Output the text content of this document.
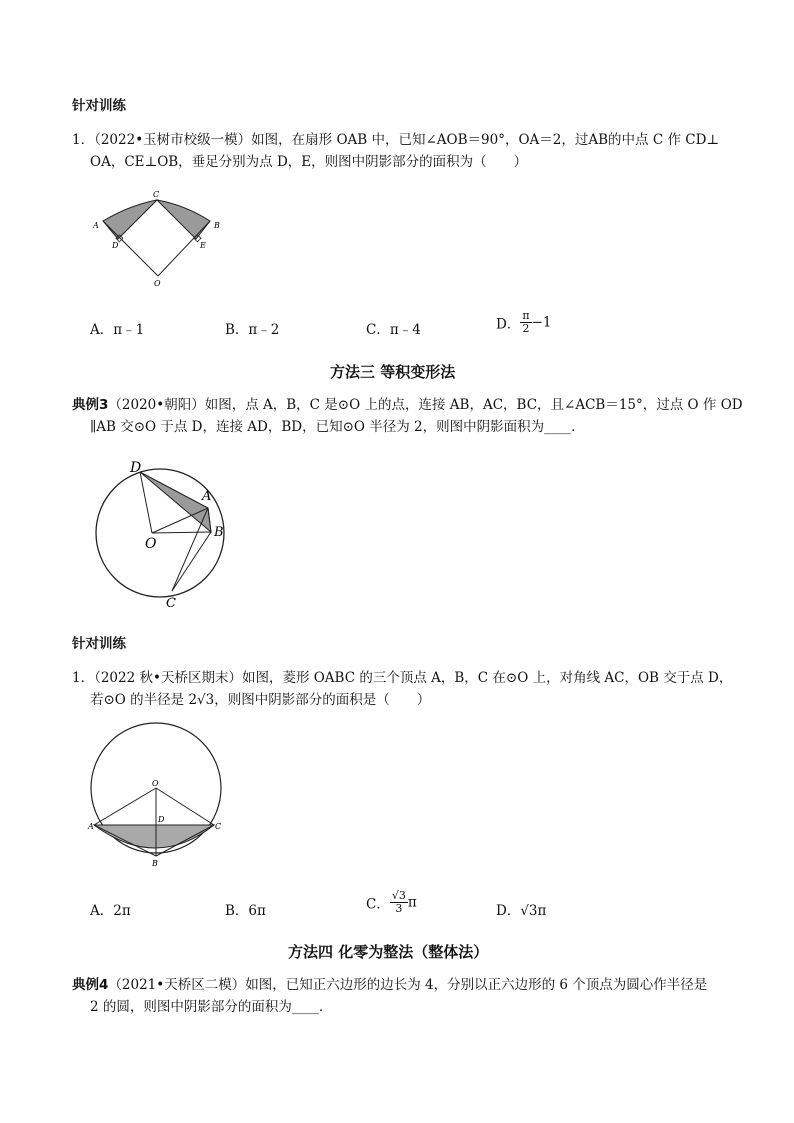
针对训练
1．（2022•玉树市校级一模）如图，在扇形 OAB 中，已知∠AOB＝90°，OA＝2，过AB的中点 C 作 CD⊥
OA，CE⊥OB，垂足分别为点 D，E，则图中阴影部分的面积为（　　）
A	B
C
D	E
O
A．π﹣1	B．π﹣2	C．π﹣4	D． $\frac{\pi}{2} -1$
方法三 等积变形法
典例3（2020•朝阳）如图，点 A，B，C 是⊙O 上的点，连接 AB，AC，BC，且∠ACB＝15°，过点 O 作 OD
∥AB 交⊙O 于点 D，连接 AD，BD，已知⊙O 半径为 2，则图中阴影面积为____．
D
A
B
O
C
针对训练
1．（2022 秋•天桥区期末）如图，菱形 OABC 的三个顶点 A，B，C 在⊙O 上，对角线 AC，OB 交于点 D，
若⊙O 的半径是 2√3，则图中阴影部分的面积是（　　）
O
A	C
D
B
A．2π	B．6π	C． $\frac{√3}{3}$ π
D．√3π
方法四 化零为整法（整体法）
典例4（2021•天桥区二模）如图，已知正六边形的边长为 4，分别以正六边形的 6 个顶点为圆心作半径是
2 的圆，则图中阴影部分的面积为____．
